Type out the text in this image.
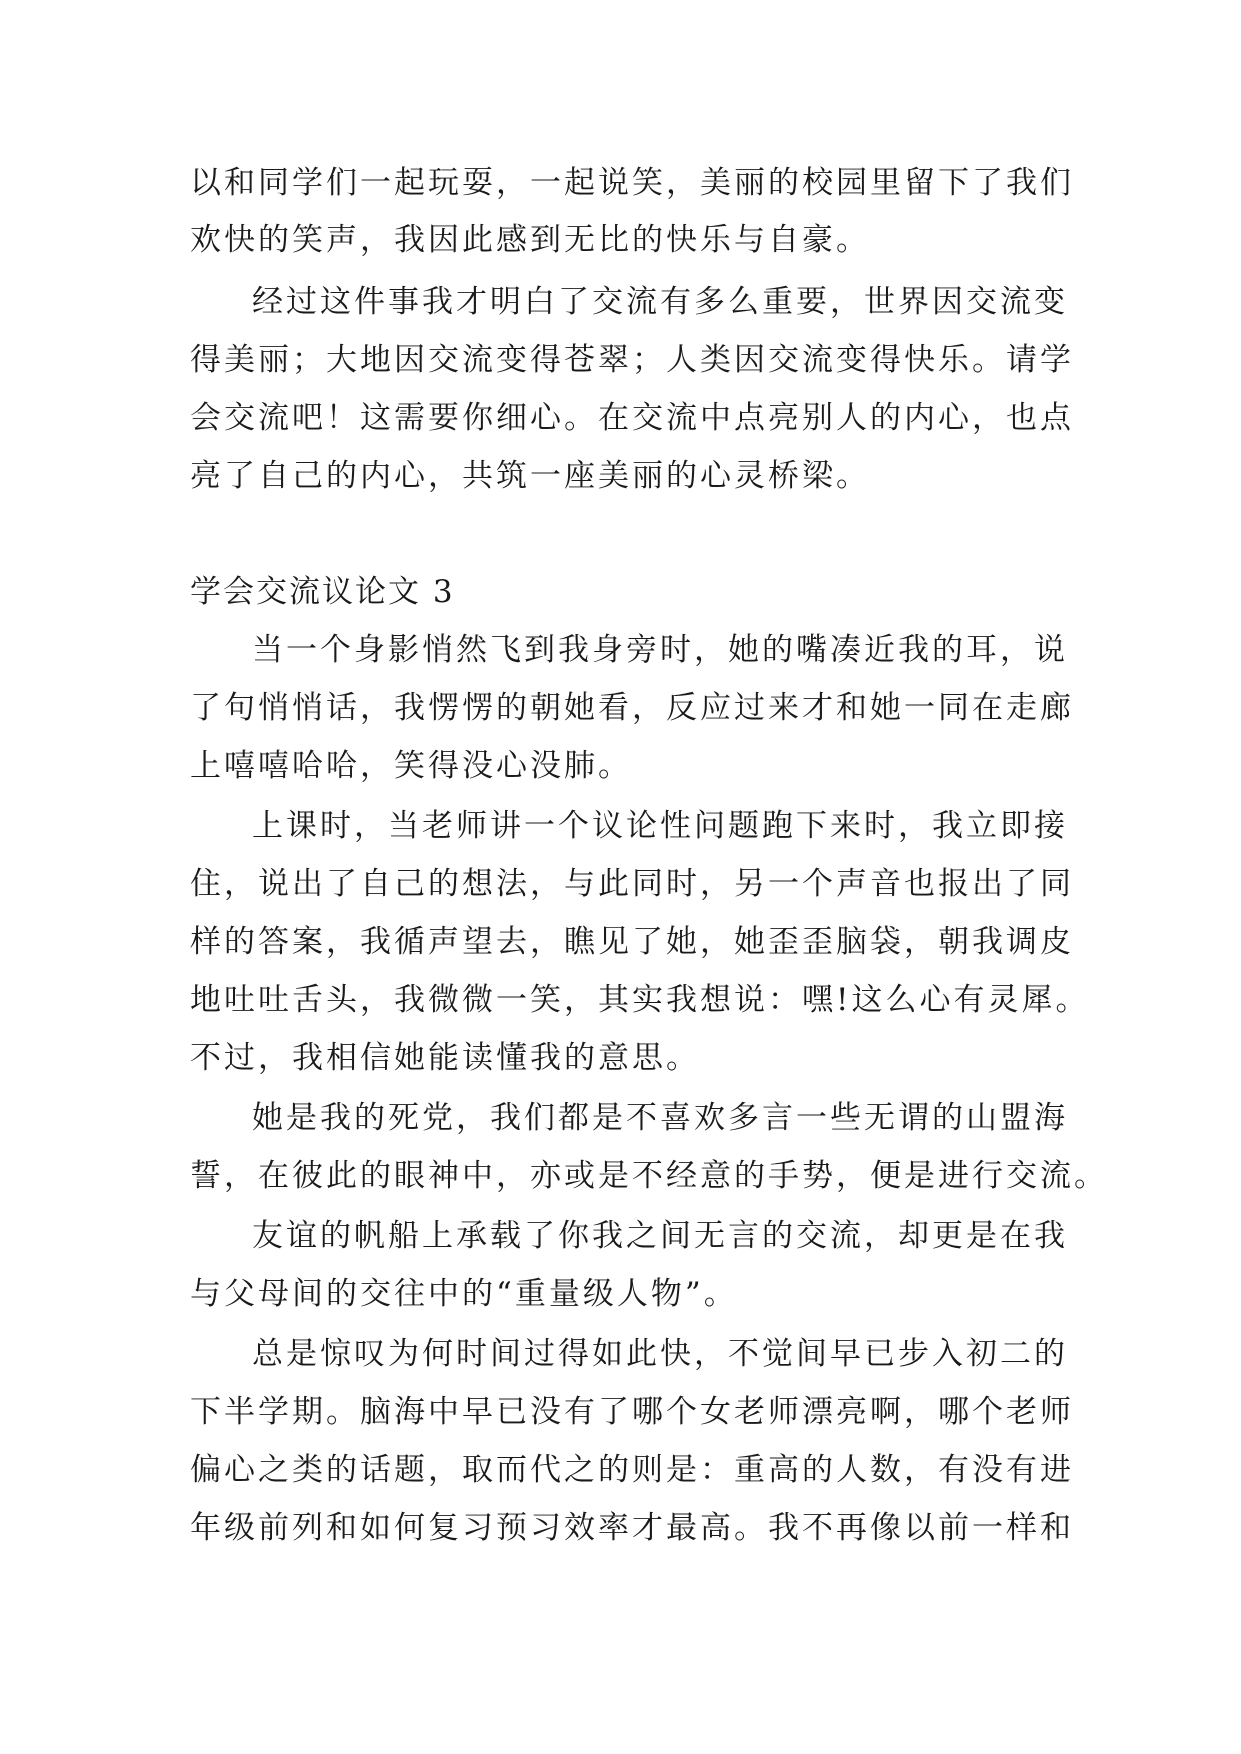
以和同学们一起玩耍，一起说笑，美丽的校园里留下了我们
欢快的笑声，我因此感到无比的快乐与自豪。
经过这件事我才明白了交流有多么重要，世界因交流变
得美丽；大地因交流变得苍翠；人类因交流变得快乐。请学
会交流吧！这需要你细心。在交流中点亮别人的内心，也点
亮了自己的内心，共筑一座美丽的心灵桥梁。
学会交流议论文 3
当一个身影悄然飞到我身旁时，她的嘴凑近我的耳，说
了句悄悄话，我愣愣的朝她看，反应过来才和她一同在走廊
上嘻嘻哈哈，笑得没心没肺。
上课时，当老师讲一个议论性问题跑下来时，我立即接
住，说出了自己的想法，与此同时，另一个声音也报出了同
样的答案，我循声望去，瞧见了她，她歪歪脑袋，朝我调皮
地吐吐舌头，我微微一笑，其实我想说：嘿!这么心有灵犀。
不过，我相信她能读懂我的意思。
她是我的死党，我们都是不喜欢多言一些无谓的山盟海
誓，在彼此的眼神中，亦或是不经意的手势，便是进行交流。
友谊的帆船上承载了你我之间无言的交流，却更是在我
与父母间的交往中的“重量级人物”。
总是惊叹为何时间过得如此快，不觉间早已步入初二的
下半学期。脑海中早已没有了哪个女老师漂亮啊，哪个老师
偏心之类的话题，取而代之的则是：重高的人数，有没有进
年级前列和如何复习预习效率才最高。我不再像以前一样和
